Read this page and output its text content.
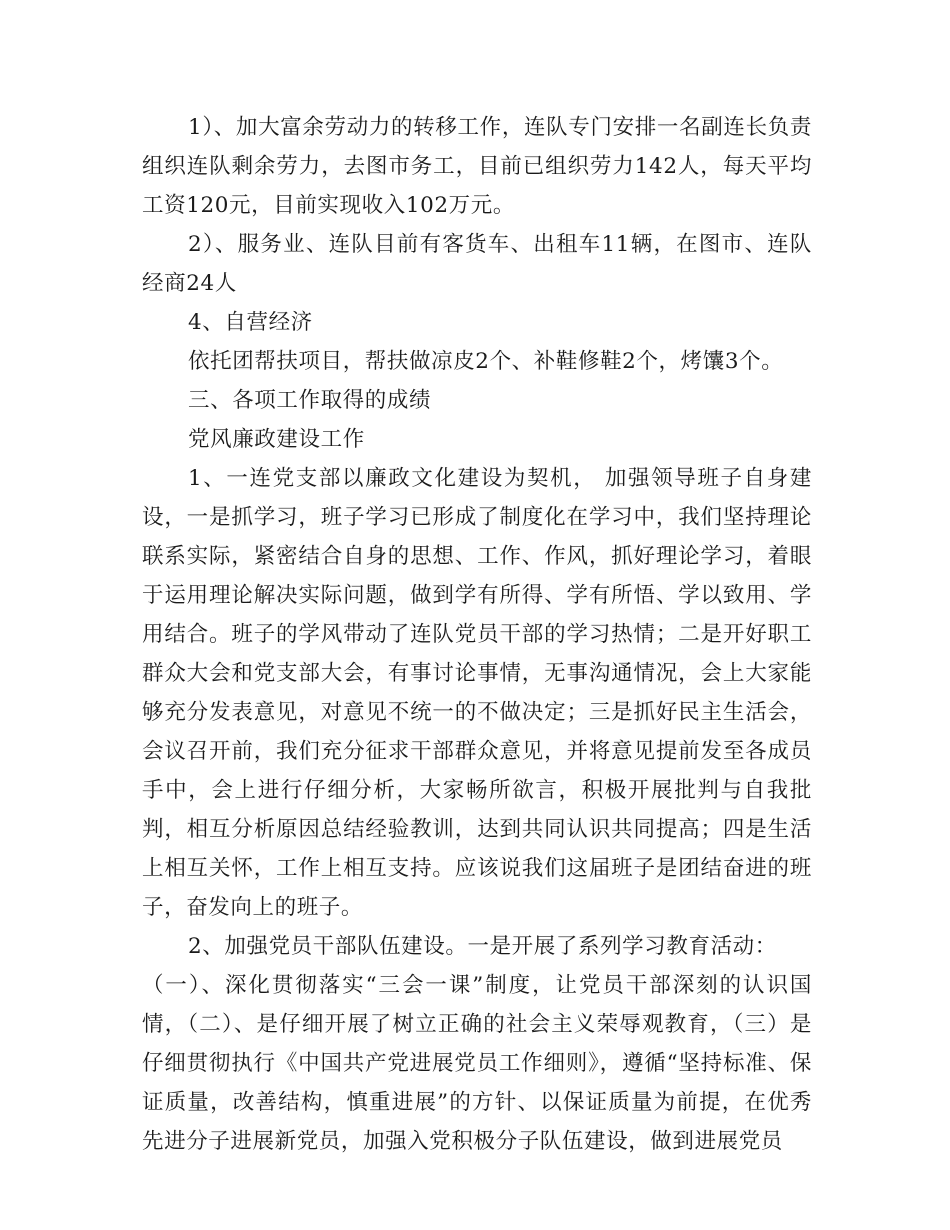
1）、加大富余劳动力的转移工作，连队专门安排一名副连长负责组织连队剩余劳力，去图市务工，目前已组织劳力142人，每天平均工资120元，目前实现收入102万元。

2）、服务业、连队目前有客货车、出租车11辆，在图市、连队经商24人

4、自营经济

依托团帮扶项目，帮扶做凉皮2个、补鞋修鞋2个，烤馕3个。

三、各项工作取得的成绩

党风廉政建设工作

1、一连党支部以廉政文化建设为契机， 加强领导班子自身建设，一是抓学习，班子学习已形成了制度化在学习中，我们坚持理论联系实际，紧密结合自身的思想、工作、作风，抓好理论学习，着眼于运用理论解决实际问题，做到学有所得、学有所悟、学以致用、学用结合。班子的学风带动了连队党员干部的学习热情；二是开好职工群众大会和党支部大会，有事讨论事情，无事沟通情况，会上大家能够充分发表意见，对意见不统一的不做决定；三是抓好民主生活会，会议召开前，我们充分征求干部群众意见，并将意见提前发至各成员手中，会上进行仔细分析，大家畅所欲言，积极开展批判与自我批判，相互分析原因总结经验教训，达到共同认识共同提高；四是生活上相互关怀，工作上相互支持。应该说我们这届班子是团结奋进的班子，奋发向上的班子。

2、加强党员干部队伍建设。一是开展了系列学习教育活动：

（一）、深化贯彻落实“三会一课”制度，让党员干部深刻的认识国情，（二）、是仔细开展了树立正确的社会主义荣辱观教育，（三）是仔细贯彻执行《中国共产党进展党员工作细则》，遵循“坚持标准、保证质量，改善结构，慎重进展”的方针、以保证质量为前提，在优秀先进分子进展新党员，加强入党积极分子队伍建设，做到进展党员
